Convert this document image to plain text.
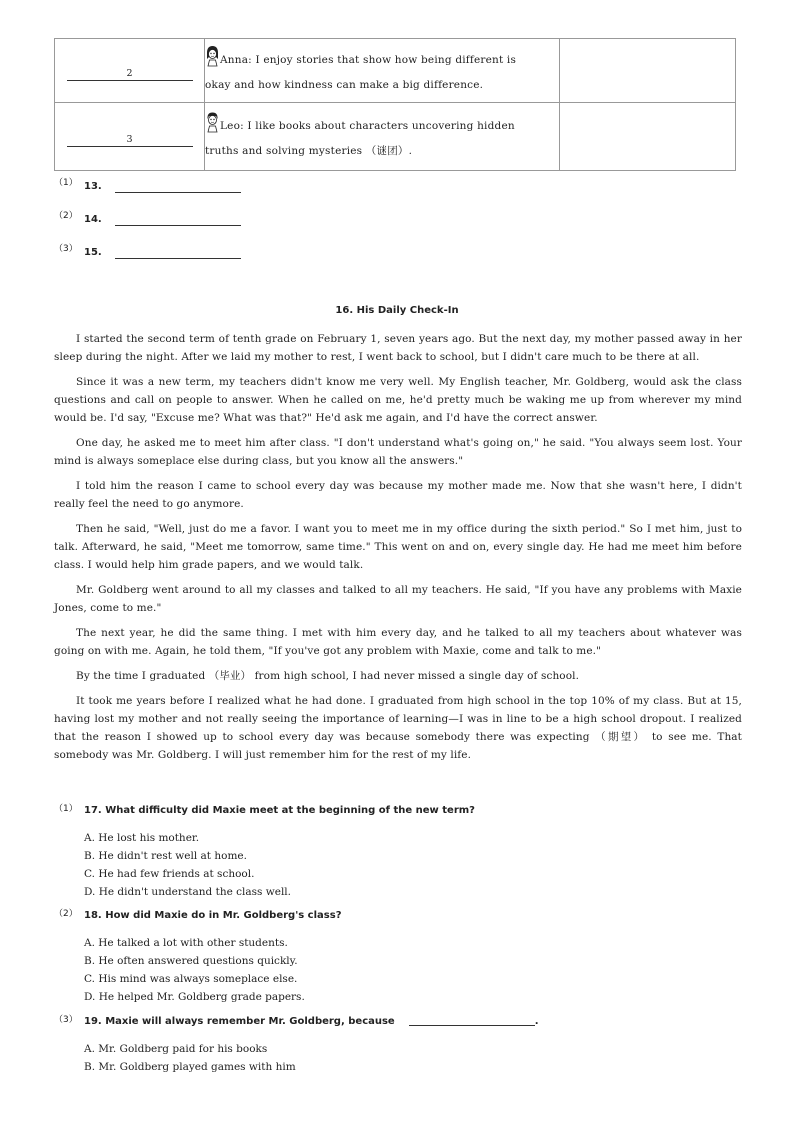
2	Anna: I enjoy stories that show how being different is
okay and how kindness can make a big difference.	

3	Leo: I like books about characters uncovering hidden
truths and solving mysteries （谜团）.	

（1） 13.
（2） 14.
（3） 15.
16. His Daily Check-In

I started the second term of tenth grade on February 1, seven years ago. But the next day, my mother passed away in her sleep during the night. After we laid my mother to rest, I went back to school, but I didn't care much to be there at all.

Since it was a new term, my teachers didn't know me very well. My English teacher, Mr. Goldberg, would ask the class questions and call on people to answer. When he called on me, he'd pretty much be waking me up from wherever my mind would be. I'd say, "Excuse me? What was that?" He'd ask me again, and I'd have the correct answer.

One day, he asked me to meet him after class. "I don't understand what's going on," he said. "You always seem lost. Your mind is always someplace else during class, but you know all the answers."

I told him the reason I came to school every day was because my mother made me. Now that she wasn't here, I didn't really feel the need to go anymore.

Then he said, "Well, just do me a favor. I want you to meet me in my office during the sixth period." So I met him, just to talk. Afterward, he said, "Meet me tomorrow, same time." This went on and on, every single day. He had me meet him before class. I would help him grade papers, and we would talk.

Mr. Goldberg went around to all my classes and talked to all my teachers. He said, "If you have any problems with Maxie Jones, come to me."

The next year, he did the same thing. I met with him every day, and he talked to all my teachers about whatever was going on with me. Again, he told them, "If you've got any problem with Maxie, come and talk to me."

By the time I graduated （毕业） from high school, I had never missed a single day of school.

It took me years before I realized what he had done. I graduated from high school in the top 10% of my class. But at 15, having lost my mother and not really seeing the importance of learning—I was in line to be a high school dropout. I realized that the reason I showed up to school every day was because somebody there was expecting （期望） to see me. That somebody was Mr. Goldberg. I will just remember him for the rest of my life.

（1） 17. What difficulty did Maxie meet at the beginning of the new term?
A. He lost his mother.
B. He didn't rest well at home.
C. He had few friends at school.
D. He didn't understand the class well.
（2） 18. How did Maxie do in Mr. Goldberg's class?
A. He talked a lot with other students.
B. He often answered questions quickly.
C. His mind was always someplace else.
D. He helped Mr. Goldberg grade papers.
（3） 19. Maxie will always remember Mr. Goldberg, because	.
A. Mr. Goldberg paid for his books
B. Mr. Goldberg played games with him
